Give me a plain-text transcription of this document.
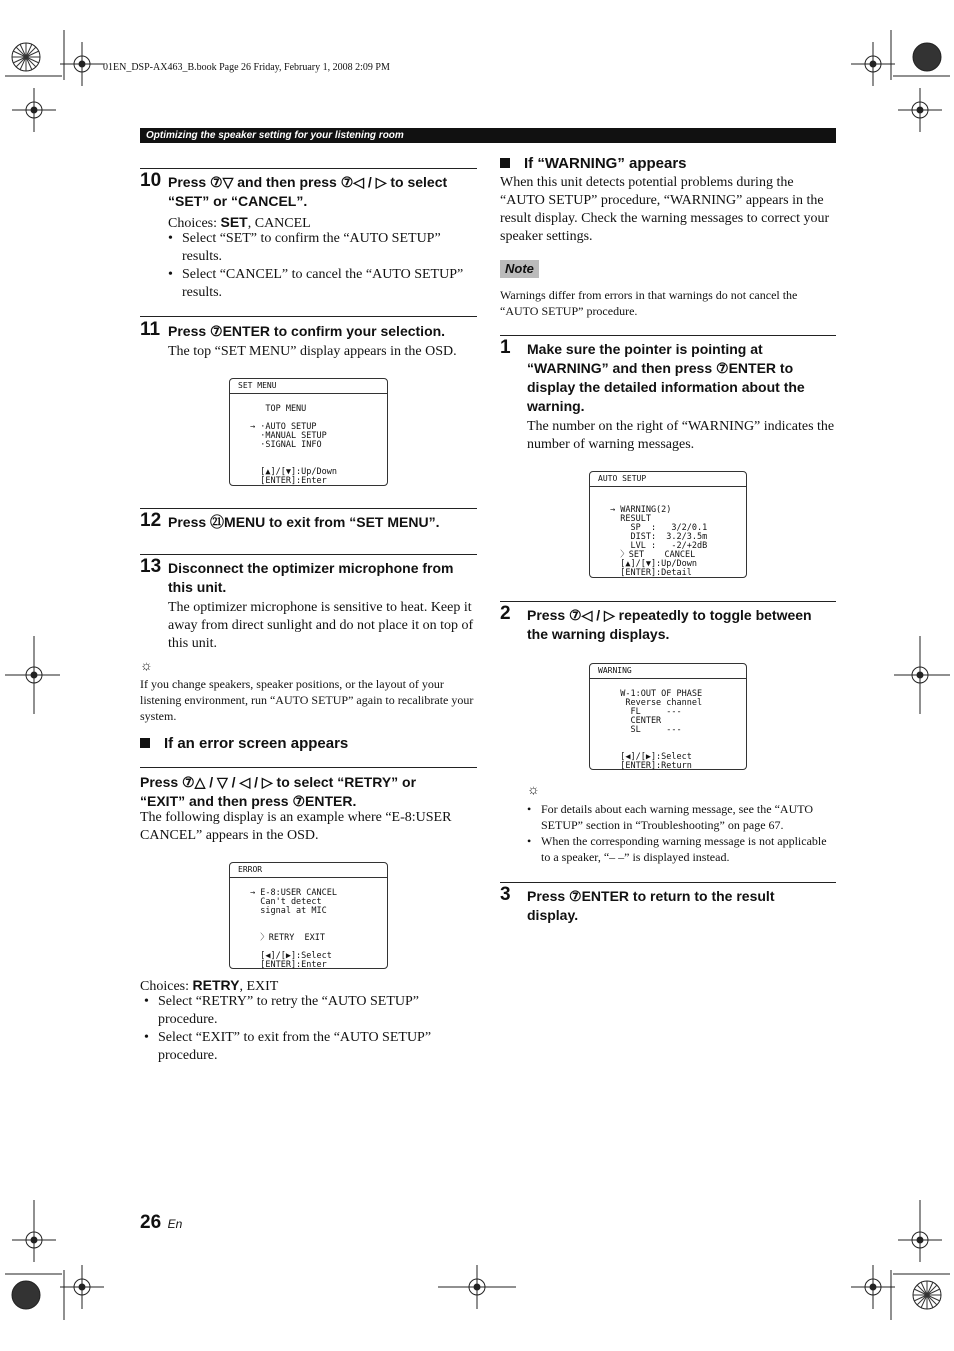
01EN_DSP-AX463_B.book Page 26 Friday, February 1, 2008 2:09 PM
Optimizing the speaker setting for your listening room
10 Press ⑦▽ and then press ⑦◁ / ▷ to select
“SET” or “CANCEL”.
Choices: SET, CANCEL
• Select “SET” to confirm the “AUTO SETUP” results.
• Select “CANCEL” to cancel the “AUTO SETUP” results.
11 Press ⑦ENTER to confirm your selection.
The top “SET MENU” display appears in the OSD.
SET MENU
TOP MENU

→ ·AUTO SETUP
·MANUAL SETUP
·SIGNAL INFO

[▲]/[▼]:Up/Down
[ENTER]:Enter
12 Press ㉑MENU to exit from “SET MENU”.
13 Disconnect the optimizer microphone from
this unit.
The optimizer microphone is sensitive to heat. Keep it away from direct sunlight and do not place it on top of this unit.
☼
If you change speakers, speaker positions, or the layout of your listening environment, run “AUTO SETUP” again to recalibrate your system.
If an error screen appears
Press ⑦△ / ▽ / ◁ / ▷ to select “RETRY” or
“EXIT” and then press ⑦ENTER.
The following display is an example where “E-8:USER CANCEL” appears in the OSD.
ERROR
→ E-8:USER CANCEL
Can't detect
signal at MIC

〉RETRY  EXIT

[◀]/[▶]:Select
[ENTER]:Enter
Choices: RETRY, EXIT
• Select “RETRY” to retry the “AUTO SETUP” procedure.
• Select “EXIT” to exit from the “AUTO SETUP” procedure.
If “WARNING” appears
When this unit detects potential problems during the “AUTO SETUP” procedure, “WARNING” appears in the result display. Check the warning messages to correct your speaker settings.
Note
Warnings differ from errors in that warnings do not cancel the “AUTO SETUP” procedure.
1 Make sure the pointer is pointing at
“WARNING” and then press ⑦ENTER to
display the detailed information about the
warning.
The number on the right of “WARNING” indicates the number of warning messages.
AUTO SETUP
→ WARNING(2)
RESULT
SP  :   3/2/0.1
DIST:  3.2/3.5m
LVL :   -2/+2dB
〉SET    CANCEL
[▲]/[▼]:Up/Down
[ENTER]:Detail
2 Press ⑦◁ / ▷ repeatedly to toggle between
the warning displays.
WARNING
W-1:OUT OF PHASE
Reverse channel
FL     ---
CENTER
SL     ---

[◀]/[▶]:Select
[ENTER]:Return
☼
• For details about each warning message, see the “AUTO SETUP” section in “Troubleshooting” on page 67.
• When the corresponding warning message is not applicable to a speaker, “– –” is displayed instead.
3 Press ⑦ENTER to return to the result
display.
26 En
